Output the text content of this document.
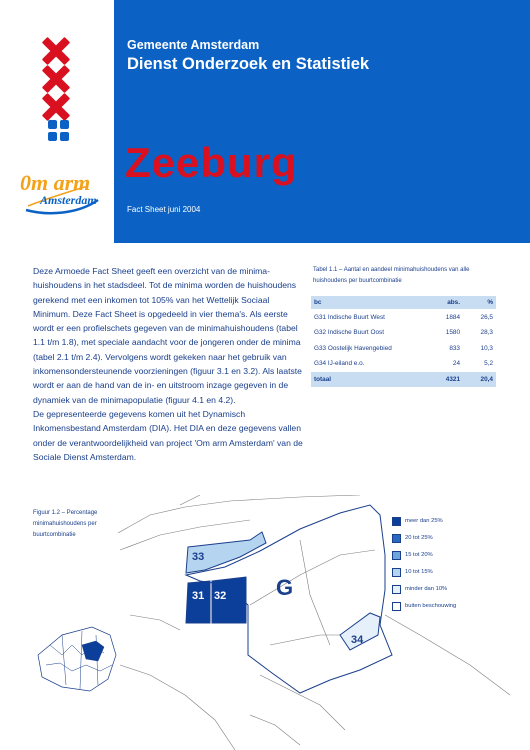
0m arm
Amsterdam
Gemeente Amsterdam
Dienst Onderzoek en Statistiek
Zeeburg
Fact Sheet juni 2004
Deze Armoede Fact Sheet geeft een overzicht van de minima-huishoudens in het stadsdeel. Tot de minima worden de huishoudens gerekend met een inkomen tot 105% van het Wettelijk Sociaal Minimum. Deze Fact Sheet is opgedeeld in vier thema's. Als eerste wordt er een profielschets gegeven van de minimahuishoudens (tabel 1.1 t/m 1.8), met speciale aandacht voor de jongeren onder de minima (tabel 2.1 t/m 2.4). Vervolgens wordt gekeken naar het gebruik van inkomensondersteunende voorzieningen (figuur 3.1 en 3.2). Als laatste wordt er aan de hand van de in- en uitstroom inzage gegeven in de dynamiek van de minimapopulatie (figuur 4.1 en 4.2).
De gepresenteerde gegevens komen uit het Dynamisch Inkomensbestand Amsterdam (DIA). Het DIA en deze gegevens vallen onder de verantwoordelijkheid van project 'Om arm Amsterdam' van de Sociale Dienst Amsterdam.
Tabel 1.1 – Aantal en aandeel minimahuishoudens van alle huishoudens per buurtcombinatie
bc	abs.	%
G31 Indische Buurt West	1884	26,5
G32 Indische Buurt Oost	1580	28,3
G33 Oostelijk Havengebied	833	10,3
G34 IJ-eiland e.o.	24	5,2
totaal	4321	20,4
Figuur 1.2 – Percentage minimahuishoudens per buurtcombinatie
33
31 32
34
G
meer dan 25%
20 tot 25%
15 tot 20%
10 tot 15%
minder dan 10%
buiten beschouwing
